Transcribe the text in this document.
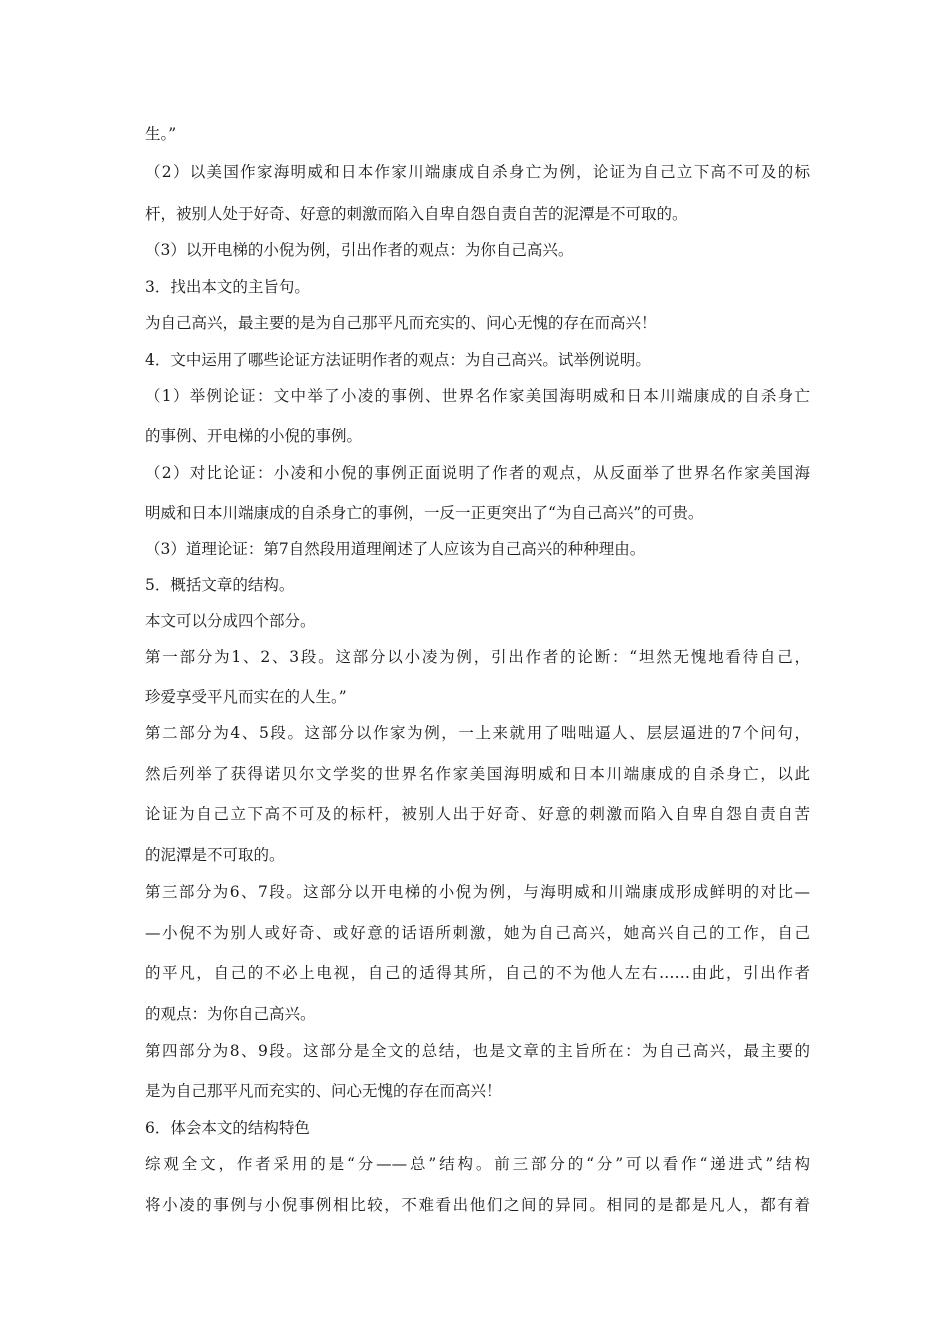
生。”
（2）以美国作家海明威和日本作家川端康成自杀身亡为例，论证为自己立下高不可及的标
杆，被别人处于好奇、好意的刺激而陷入自卑自怨自责自苦的泥潭是不可取的。
（3）以开电梯的小倪为例，引出作者的观点：为你自己高兴。
3．找出本文的主旨句。
为自己高兴，最主要的是为自己那平凡而充实的、问心无愧的存在而高兴！
4．文中运用了哪些论证方法证明作者的观点：为自己高兴。试举例说明。
（1）举例论证：文中举了小凌的事例、世界名作家美国海明威和日本川端康成的自杀身亡
的事例、开电梯的小倪的事例。
（2）对比论证：小凌和小倪的事例正面说明了作者的观点，从反面举了世界名作家美国海
明威和日本川端康成的自杀身亡的事例，一反一正更突出了“为自己高兴”的可贵。
（3）道理论证：第7自然段用道理阐述了人应该为自己高兴的种种理由。
5．概括文章的结构。
本文可以分成四个部分。
第一部分为1、2、3段。这部分以小凌为例，引出作者的论断：“坦然无愧地看待自己，
珍爱享受平凡而实在的人生。”
第二部分为4、5段。这部分以作家为例，一上来就用了咄咄逼人、层层逼进的7个问句，
然后列举了获得诺贝尔文学奖的世界名作家美国海明威和日本川端康成的自杀身亡，以此
论证为自己立下高不可及的标杆，被别人出于好奇、好意的刺激而陷入自卑自怨自责自苦
的泥潭是不可取的。
第三部分为6、7段。这部分以开电梯的小倪为例，与海明威和川端康成形成鲜明的对比—
—小倪不为别人或好奇、或好意的话语所刺激，她为自己高兴，她高兴自己的工作，自己
的平凡，自己的不必上电视，自己的适得其所，自己的不为他人左右……由此，引出作者
的观点：为你自己高兴。
第四部分为8、9段。这部分是全文的总结，也是文章的主旨所在：为自己高兴，最主要的
是为自己那平凡而充实的、问心无愧的存在而高兴！
6．体会本文的结构特色
综观全文，作者采用的是“分——总”结构。前三部分的“分”可以看作“递进式”结构
将小凌的事例与小倪事例相比较，不难看出他们之间的异同。相同的是都是凡人，都有着
